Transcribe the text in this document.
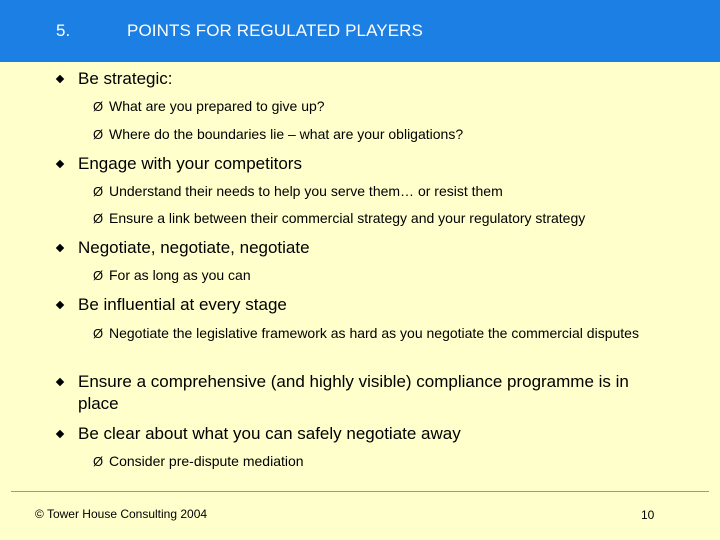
5.	POINTS FOR REGULATED PLAYERS
Be strategic:
Ø What are you prepared to give up?
Ø Where do the boundaries lie – what are your obligations?
Engage with your competitors
Ø Understand their needs to help you serve them… or resist them
Ø Ensure a link between their commercial strategy and your regulatory strategy
Negotiate, negotiate, negotiate
Ø For as long as you can
Be influential at every stage
Ø Negotiate the legislative framework as hard as you negotiate the commercial disputes
Ensure a comprehensive (and highly visible) compliance programme is in place
Be clear about what you can safely negotiate away
Ø Consider pre-dispute mediation
© Tower House Consulting 2004	10
